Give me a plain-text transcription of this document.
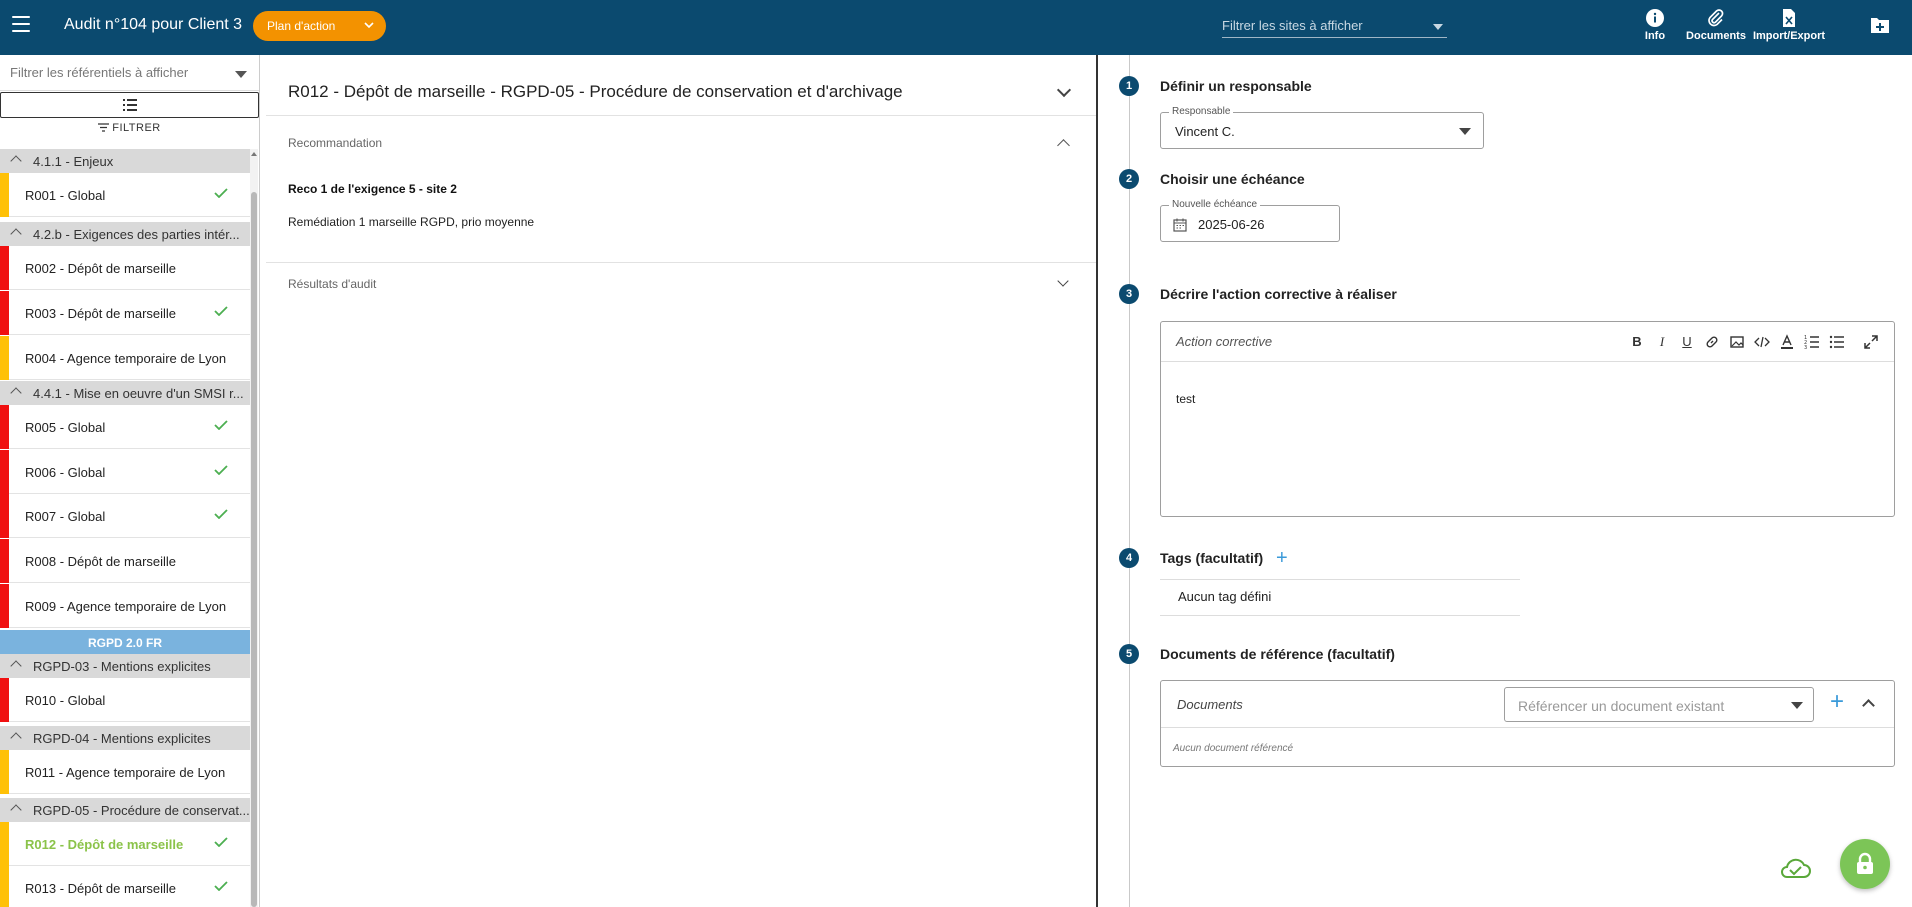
Audit n°104 pour Client 3	Plan d'action	Filtrer les sites à afficher
Info	Documents Import/Export
Filtrer les référentiels à afficher
FILTRER
4.1.1 - Enjeux
R001 - Global
4.2.b - Exigences des parties intér...
R002 - Dépôt de marseille
R003 - Dépôt de marseille
R004 - Agence temporaire de Lyon
4.4.1 - Mise en oeuvre d'un SMSI r...
R005 - Global
R006 - Global
R007 - Global
R008 - Dépôt de marseille
R009 - Agence temporaire de Lyon
RGPD 2.0 FR
RGPD-03 - Mentions explicites
R010 - Global
RGPD-04 - Mentions explicites
R011 - Agence temporaire de Lyon
RGPD-05 - Procédure de conservat...
R012 - Dépôt de marseille
R013 - Dépôt de marseille
R012 - Dépôt de marseille - RGPD-05 - Procédure de conservation et d'archivage
Recommandation
Reco 1 de l'exigence 5 - site 2
Remédiation 1 marseille RGPD, prio moyenne
Résultats d'audit
1	Définir un responsable
Responsable
Vincent C.
2	Choisir une échéance
Nouvelle échéance
2025-06-26
3	Décrire l'action corrective à réaliser
Action corrective	B	I	U	1
2
3
test
4	Tags (facultatif) +
Aucun tag défini
5	Documents de référence (facultatif)
Documents	Référencer un document existant	+
Aucun document référencé
